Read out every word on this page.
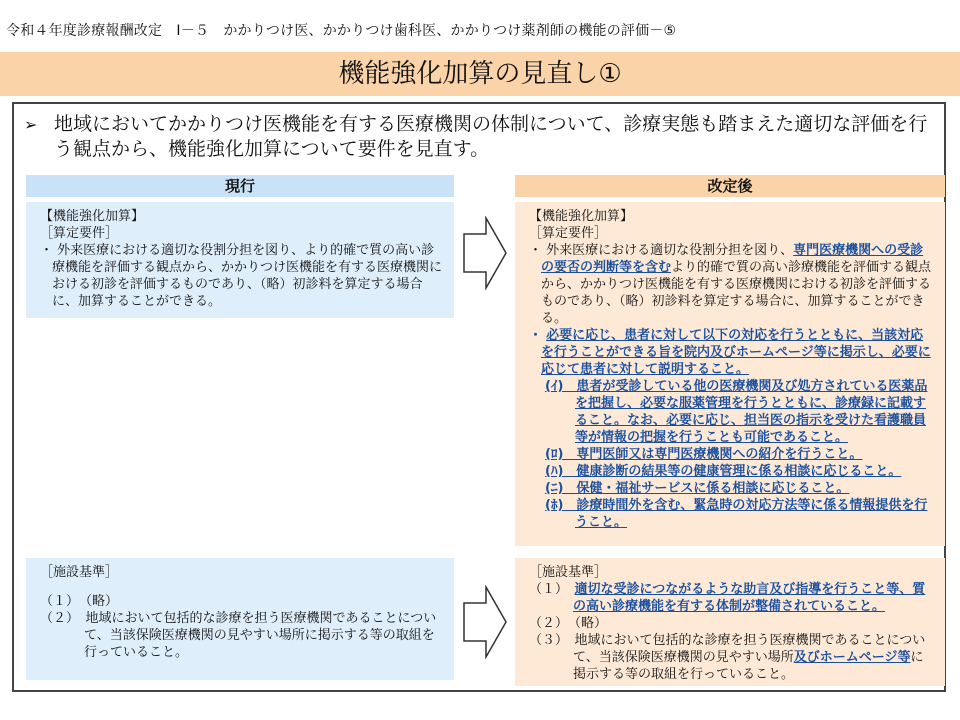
令和４年度診療報酬改定　Ⅰ－５　かかりつけ医、かかりつけ歯科医、かかりつけ薬剤師の機能の評価－⑤
機能強化加算の見直し①
➢ 地域においてかかりつけ医機能を有する医療機関の体制について、診療実態も踏まえた適切な評価を行う観点から、機能強化加算について要件を見直す。
現行	改定後
【機能強化加算】
［算定要件］
・ 外来医療における適切な役割分担を図り、より的確で質の高い診療機能を評価する観点から、かかりつけ医機能を有する医療機関における初診を評価するものであり、（略）初診料を算定する場合に、加算することができる。
【機能強化加算】
［算定要件］
・ 外来医療における適切な役割分担を図り、専門医療機関への受診の要否の判断等を含むより的確で質の高い診療機能を評価する観点から、かかりつけ医機能を有する医療機関における初診を評価するものであり、（略）初診料を算定する場合に、加算することができる。
・ 必要に応じ、患者に対して以下の対応を行うとともに、当該対応を行うことができる旨を院内及びホームページ等に掲示し、必要に応じて患者に対して説明すること。
(ｲ)　患者が受診している他の医療機関及び処方されている医薬品を把握し、必要な服薬管理を行うとともに、診療録に記載すること。なお、必要に応じ、担当医の指示を受けた看護職員等が情報の把握を行うことも可能であること。
(ﾛ)　専門医師又は専門医療機関への紹介を行うこと。
(ﾊ)　健康診断の結果等の健康管理に係る相談に応じること。
(ﾆ)　保健・福祉サービスに係る相談に応じること。
(ﾎ)　診療時間外を含む、緊急時の対応方法等に係る情報提供を行うこと。
［施設基準］
（１）　（略）
（２）　地域において包括的な診療を担う医療機関であることについて、当該保険医療機関の見やすい場所に掲示する等の取組を行っていること。
［施設基準］
（１）　 適切な受診につながるような助言及び指導を行うこと等、質の高い診療機能を有する体制が整備されていること。
（２）　（略）
（３）　地域において包括的な診療を担う医療機関であることについて、当該保険医療機関の見やすい場所及びホームページ等に掲示する等の取組を行っていること。
